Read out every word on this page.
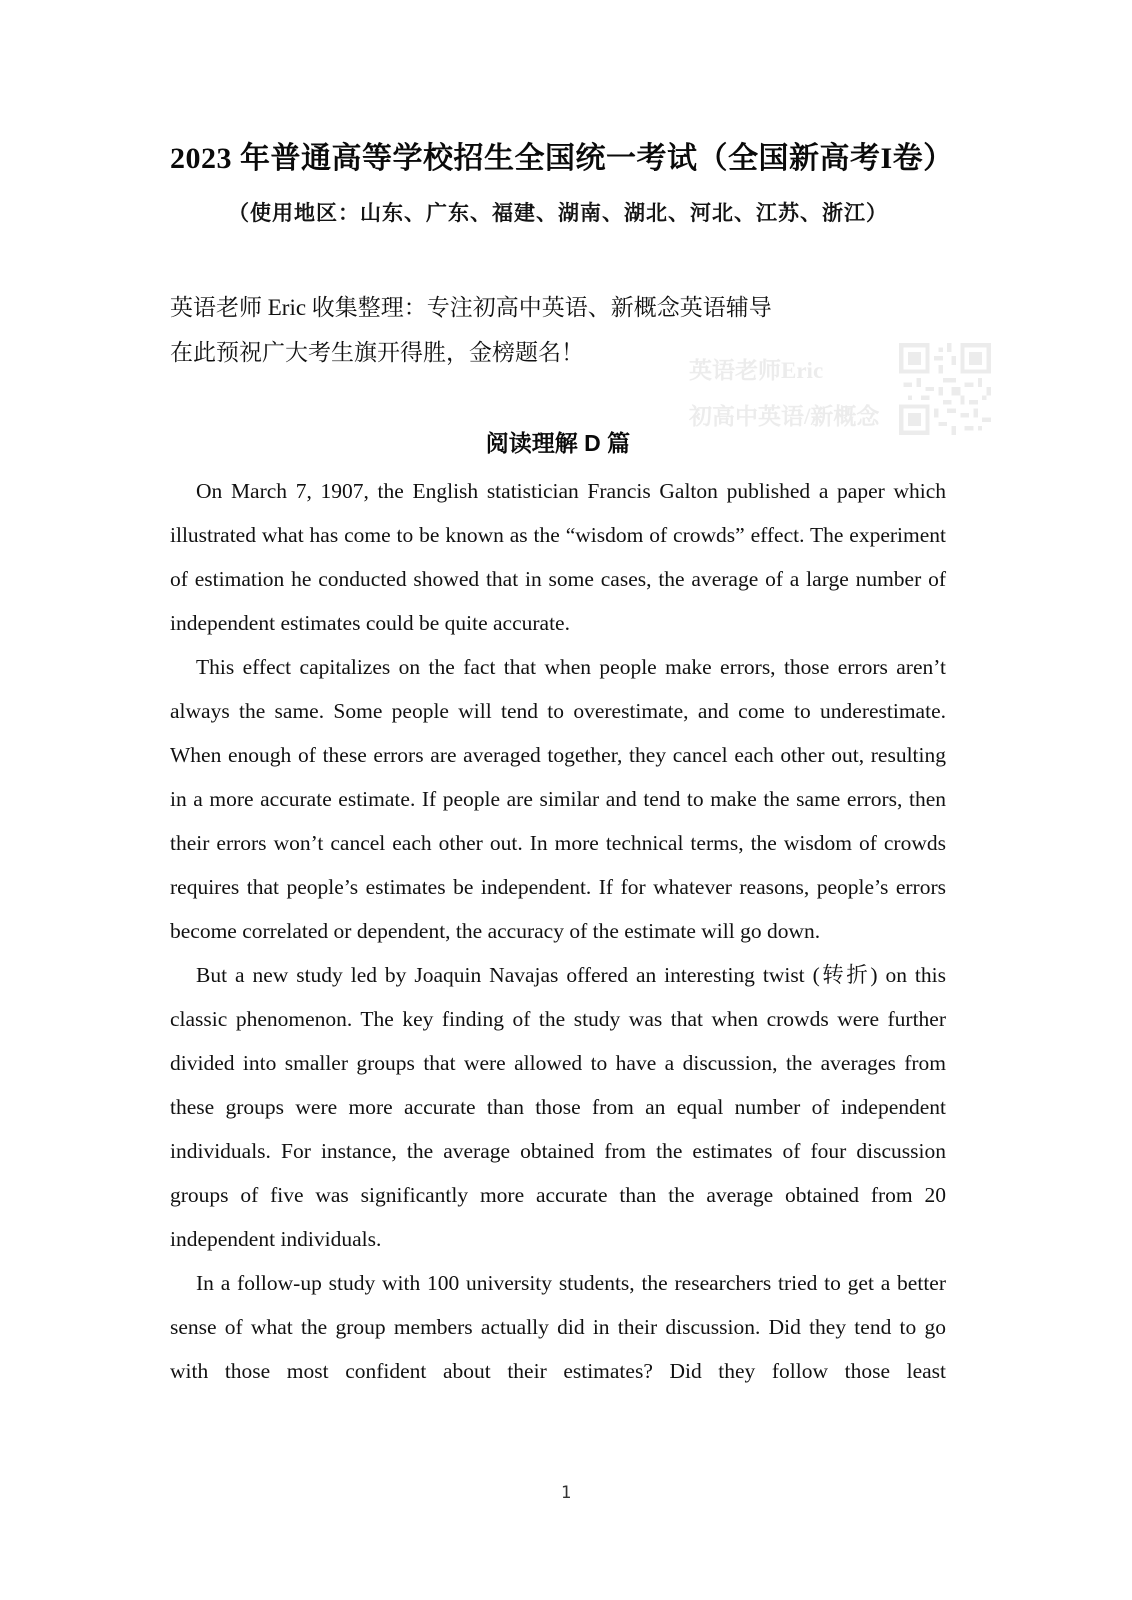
英语老师Eric
初高中英语/新概念
2023 年普通高等学校招生全国统一考试（全国新高考I卷）
（使用地区：山东、广东、福建、湖南、湖北、河北、江苏、浙江）

英语老师 Eric 收集整理：专注初高中英语、新概念英语辅导

在此预祝广大考生旗开得胜，金榜题名！

阅读理解 D 篇

On March 7, 1907, the English statistician Francis Galton published a paper which illustrated what has come to be known as the “wisdom of crowds” effect. The experiment of estimation he conducted showed that in some cases, the average of a large number of independent estimates could be quite accurate.

This effect capitalizes on the fact that when people make errors, those errors aren’t always the same. Some people will tend to overestimate, and come to underestimate. When enough of these errors are averaged together, they cancel each other out, resulting in a more accurate estimate. If people are similar and tend to make the same errors, then their errors won’t cancel each other out. In more technical terms, the wisdom of crowds requires that people’s estimates be independent. If for whatever reasons, people’s errors become correlated or dependent, the accuracy of the estimate will go down.

But a new study led by Joaquin Navajas offered an interesting twist (转折) on this classic phenomenon. The key finding of the study was that when crowds were further divided into smaller groups that were allowed to have a discussion, the averages from these groups were more accurate than those from an equal number of independent individuals. For instance, the average obtained from the estimates of four discussion groups of five was significantly more accurate than the average obtained from 20 independent individuals.

In a follow-up study with 100 university students, the researchers tried to get a better sense of what the group members actually did in their discussion. Did they tend to go with those most confident about their estimates? Did they follow those least

1
